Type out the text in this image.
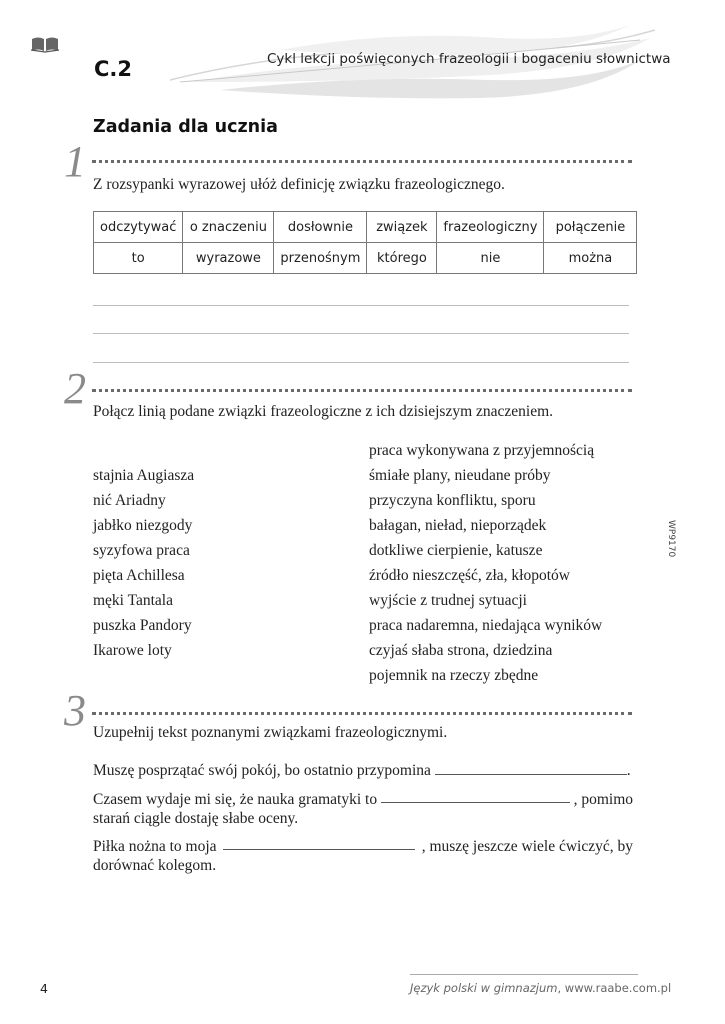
C.2	Cykl lekcji poświęconych frazeologii i bogaceniu słownictwa
Zadania dla ucznia
1 Z rozsypanki wyrazowej ułóż definicję związku frazeologicznego.
odczytywać	o znaczeniu	dosłownie	związek	frazeologiczny	połączenie
to	wyrazowe	przenośnym	którego	nie	można
2 Połącz linią podane związki frazeologiczne z ich dzisiejszym znaczeniem.
stajnia Augiasza
nić Ariadny
jabłko niezgody
syzyfowa praca
pięta Achillesa
męki Tantala
puszka Pandory
Ikarowe loty
praca wykonywana z przyjemnością
śmiałe plany, nieudane próby
przyczyna konfliktu, sporu
bałagan, nieład, nieporządek
dotkliwe cierpienie, katusze
źródło nieszczęść, zła, kłopotów
wyjście z trudnej sytuacji
praca nadaremna, niedająca wyników
czyjaś słaba strona, dziedzina
pojemnik na rzeczy zbędne
WP9170
3 Uzupełnij tekst poznanymi związkami frazeologicznymi.
Muszę posprzątać swój pokój, bo ostatnio przypomina	.
Czasem wydaje mi się, że nauka gramatyki to	, pomimo
starań ciągle dostaję słabe oceny.
Piłka nożna to moja	, muszę jeszcze wiele ćwiczyć, by
dorównać kolegom.
4	Język polski w gimnazjum, www.raabe.com.pl
